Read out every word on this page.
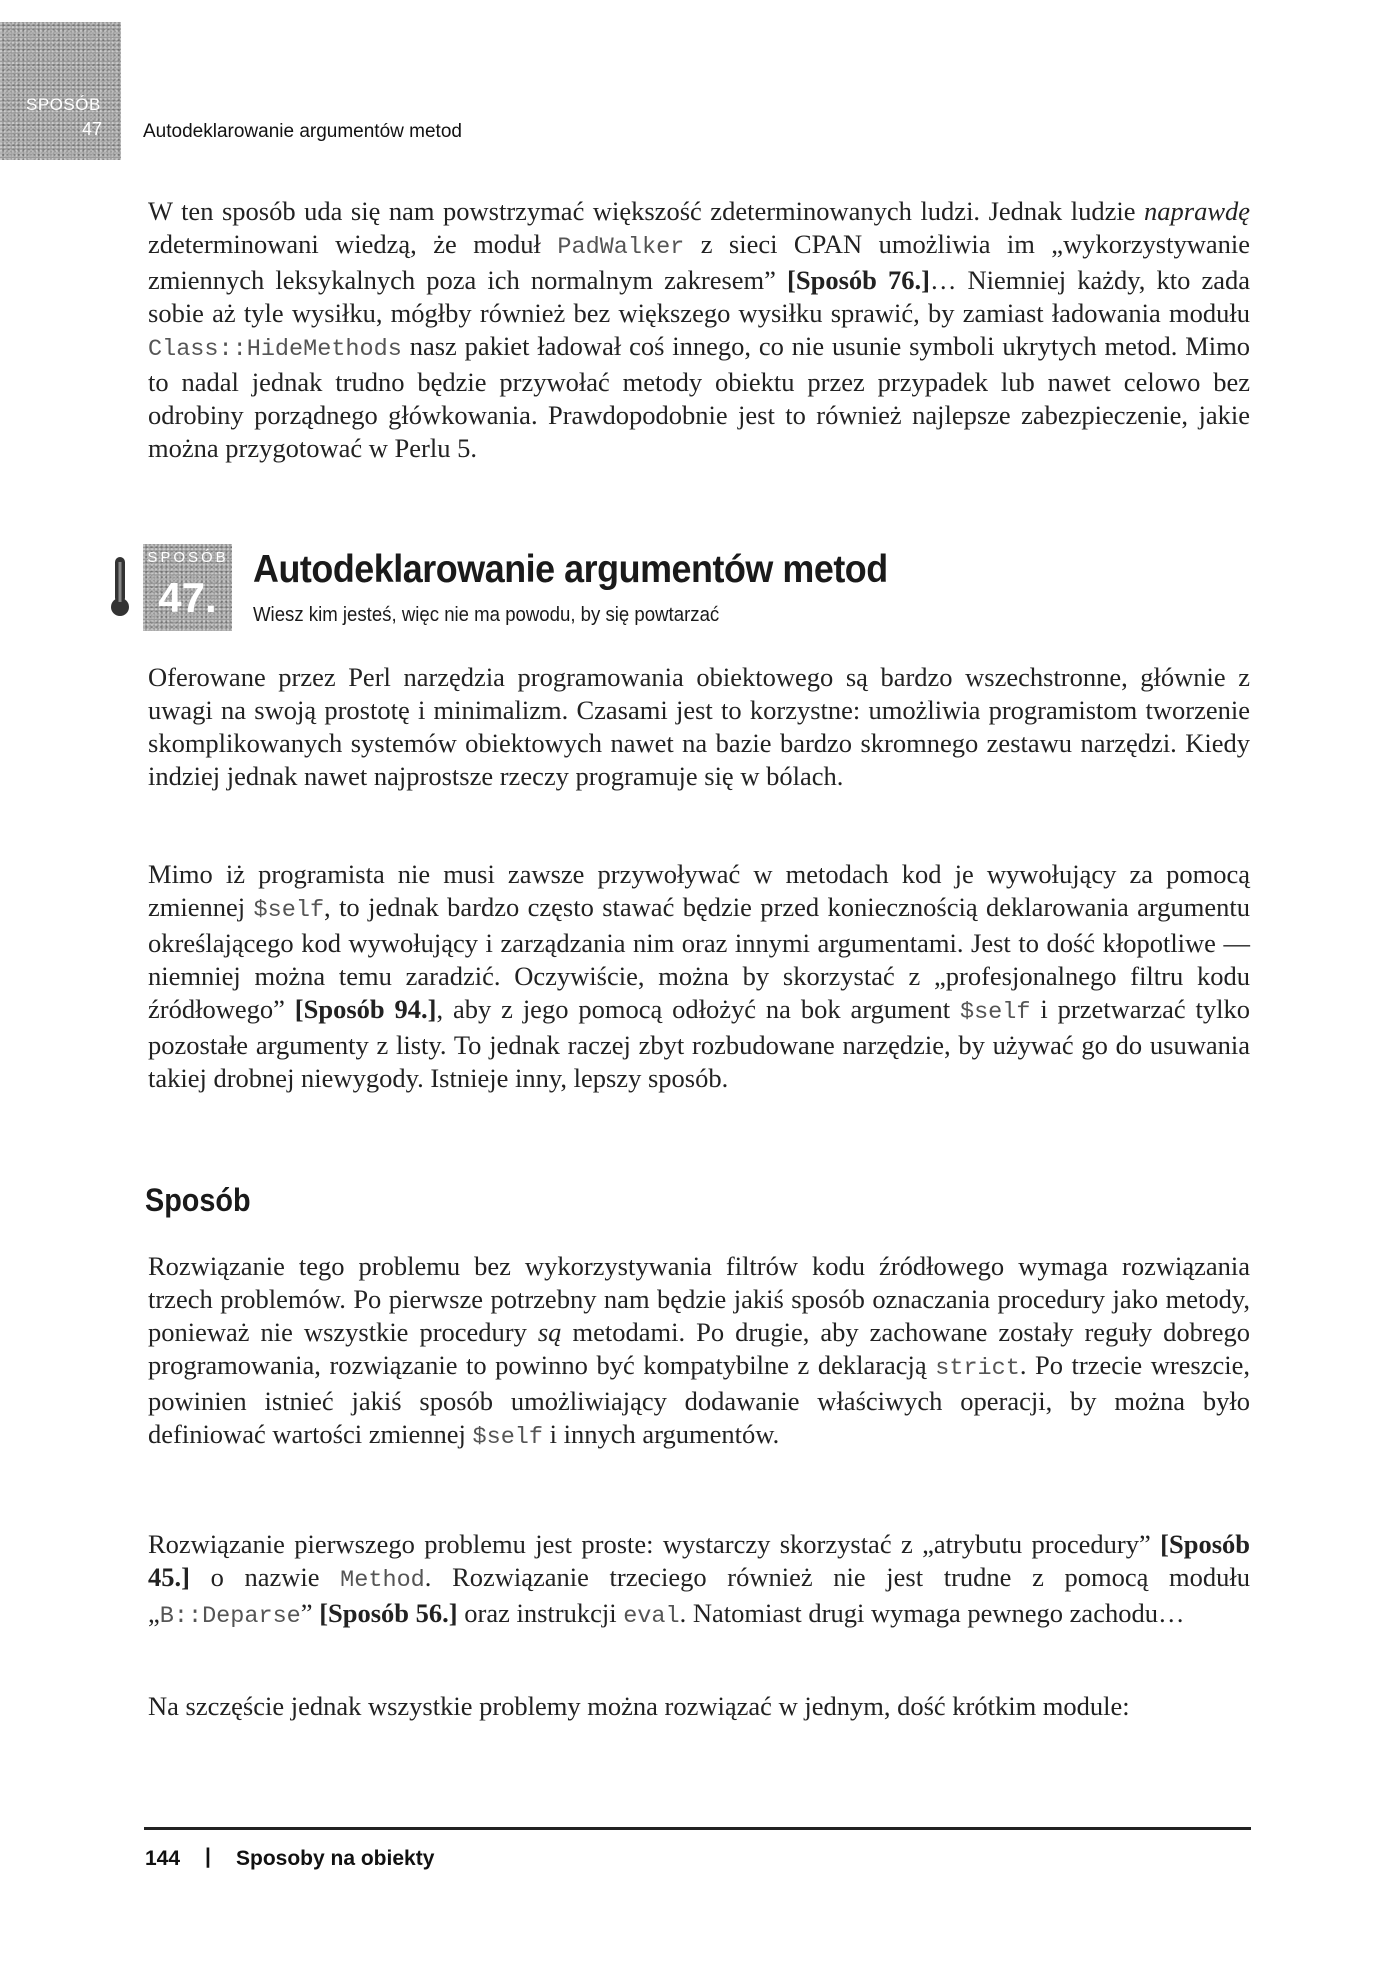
SPOSÓB
47 Autodeklarowanie argumentów metod

W ten sposób uda się nam powstrzymać większość zdeterminowanych ludzi. Jednak ludzie naprawdę zdeterminowani wiedzą, że moduł PadWalker z sieci CPAN umożliwia im „wykorzystywanie zmiennych leksykalnych poza ich normalnym zakresem” [Sposób 76.]… Niemniej każdy, kto zada sobie aż tyle wysiłku, mógłby również bez większego wysiłku sprawić, by zamiast ładowania modułu Class::HideMethods nasz pakiet ładował coś innego, co nie usunie symboli ukrytych metod. Mimo to nadal jednak trudno będzie przywołać metody obiektu przez przypadek lub nawet celowo bez odrobiny porządnego główkowania. Prawdopodobnie jest to również najlepsze zabezpieczenie, jakie można przygotować w Perlu 5.

SPOSÓB
47.
Autodeklarowanie argumentów metod
Wiesz kim jesteś, więc nie ma powodu, by się powtarzać

Oferowane przez Perl narzędzia programowania obiektowego są bardzo wszechstronne, głównie z uwagi na swoją prostotę i minimalizm. Czasami jest to korzystne: umożliwia programistom tworzenie skomplikowanych systemów obiektowych nawet na bazie bardzo skromnego zestawu narzędzi. Kiedy indziej jednak nawet najprostsze rzeczy programuje się w bólach.

Mimo iż programista nie musi zawsze przywoływać w metodach kod je wywołujący za pomocą zmiennej $self, to jednak bardzo często stawać będzie przed koniecznością deklarowania argumentu określającego kod wywołujący i zarządzania nim oraz innymi argumentami. Jest to dość kłopotliwe — niemniej można temu zaradzić. Oczywiście, można by skorzystać z „profesjonalnego filtru kodu źródłowego” [Sposób 94.], aby z jego pomocą odłożyć na bok argument $self i przetwarzać tylko pozostałe argumenty z listy. To jednak raczej zbyt rozbudowane narzędzie, by używać go do usuwania takiej drobnej niewygody. Istnieje inny, lepszy sposób.

Sposób

Rozwiązanie tego problemu bez wykorzystywania filtrów kodu źródłowego wymaga rozwiązania trzech problemów. Po pierwsze potrzebny nam będzie jakiś sposób oznaczania procedury jako metody, ponieważ nie wszystkie procedury są metodami. Po drugie, aby zachowane zostały reguły dobrego programowania, rozwiązanie to powinno być kompatybilne z deklaracją strict. Po trzecie wreszcie, powinien istnieć jakiś sposób umożliwiający dodawanie właściwych operacji, by można było definiować wartości zmiennej $self i innych argumentów.

Rozwiązanie pierwszego problemu jest proste: wystarczy skorzystać z „atrybutu procedury” [Sposób 45.] o nazwie Method. Rozwiązanie trzeciego również nie jest trudne z pomocą modułu „B::Deparse” [Sposób 56.] oraz instrukcji eval. Natomiast drugi wymaga pewnego zachodu…

Na szczęście jednak wszystkie problemy można rozwiązać w jednym, dość krótkim module:

144 | Sposoby na obiekty
